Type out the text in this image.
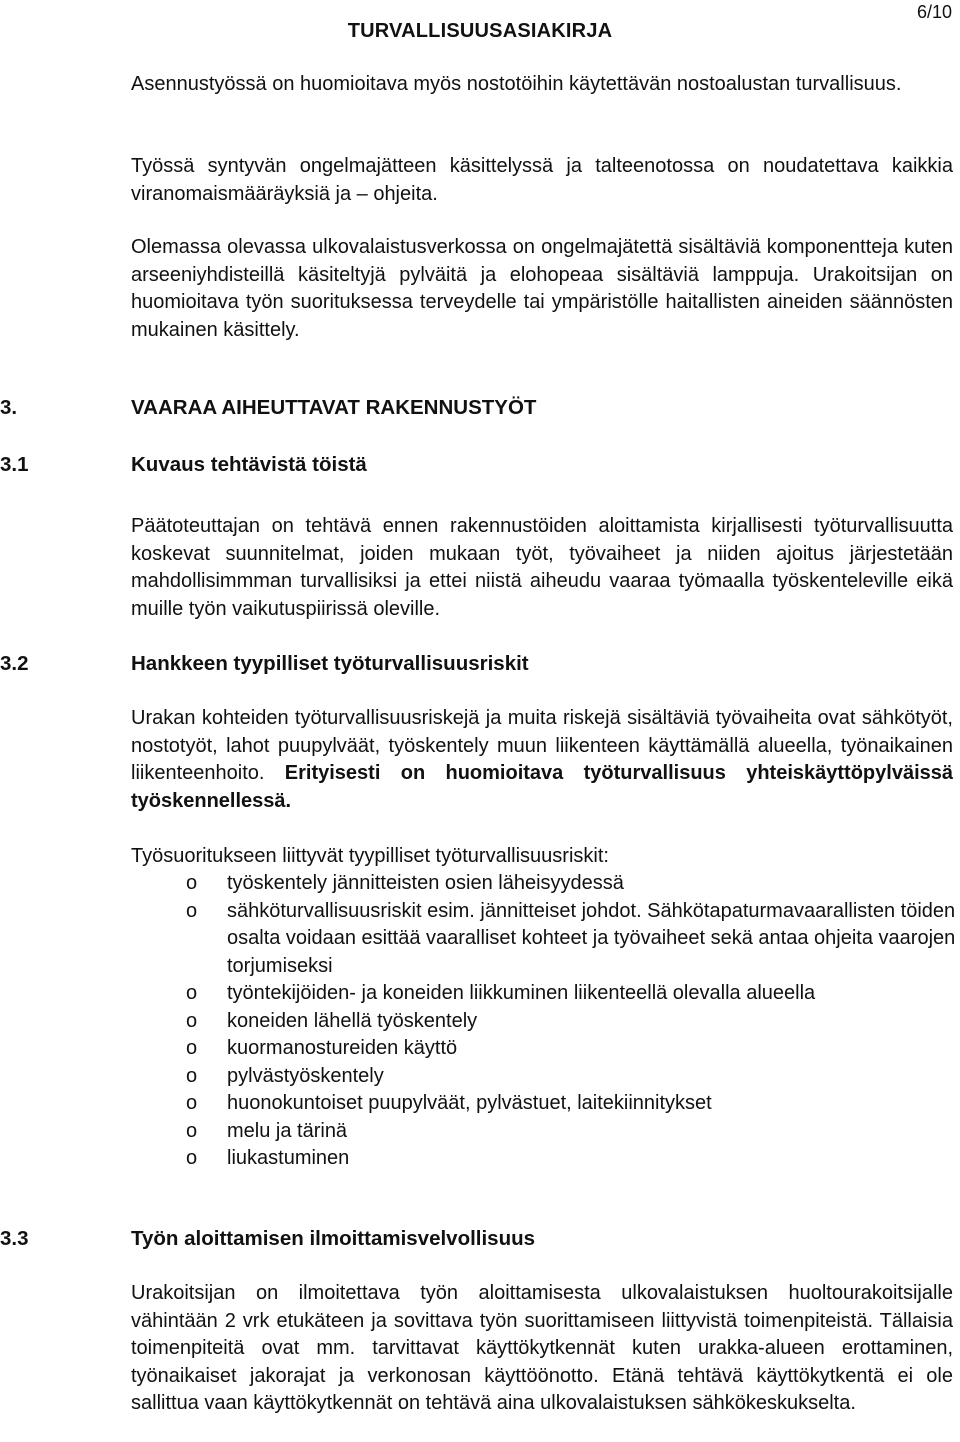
TURVALLISUUSASIAKIRJA
6/10
Asennustyössä on huomioitava myös nostotöihin käytettävän nostoalustan turvallisuus.
Työssä syntyvän ongelmajätteen käsittelyssä ja talteenotossa on noudatettava kaikkia viranomaismääräyksiä ja – ohjeita.
Olemassa olevassa ulkovalaistusverkossa on ongelmajätettä sisältäviä komponentteja kuten arseeniyhdisteillä käsiteltyjä pylväitä ja elohopeaa sisältäviä lamppuja. Urakoitsijan on huomioitava työn suorituksessa terveydelle tai ympäristölle haitallisten aineiden säännösten mukainen käsittely.
3.	VAARAA AIHEUTTAVAT RAKENNUSTYÖT
3.1	Kuvaus tehtävistä töistä
Päätoteuttajan on tehtävä ennen rakennustöiden aloittamista kirjallisesti työturvallisuutta koskevat suunnitelmat, joiden mukaan työt, työvaiheet ja niiden ajoitus järjestetään mahdollisimmman turvallisiksi ja ettei niistä aiheudu vaaraa työmaalla työskenteleville eikä muille työn vaikutuspiirissä oleville.
3.2	Hankkeen tyypilliset työturvallisuusriskit
Urakan kohteiden työturvallisuusriskejä ja muita riskejä sisältäviä työvaiheita ovat sähkötyöt, nostotyöt, lahot puupylväät, työskentely muun liikenteen käyttämällä alueella, työnaikainen liikenteenhoito. Erityisesti on huomioitava työturvallisuus yhteiskäyttöpylväissä työskennellessä.
Työsuoritukseen liittyvät tyypilliset työturvallisuusriskit:
o työskentely jännitteisten osien läheisyydessä
o sähköturvallisuusriskit esim. jännitteiset johdot. Sähkötapaturmavaarallisten töiden osalta voidaan esittää vaaralliset kohteet ja työvaiheet sekä antaa ohjeita vaarojen torjumiseksi
o työntekijöiden- ja koneiden liikkuminen liikenteellä olevalla alueella
o koneiden lähellä työskentely
o kuormanostureiden käyttö
o pylvästyöskentely
o huonokuntoiset puupylväät, pylvästuet, laitekiinnitykset
o melu ja tärinä
o liukastuminen
3.3	Työn aloittamisen ilmoittamisvelvollisuus
Urakoitsijan on ilmoitettava työn aloittamisesta ulkovalaistuksen huoltourakoitsijalle vähintään 2 vrk etukäteen ja sovittava työn suorittamiseen liittyvistä toimenpiteistä. Tällaisia toimenpiteitä ovat mm. tarvittavat käyttökytkennät kuten urakka-alueen erottaminen, työnaikaiset jakorajat ja verkonosan käyttöönotto. Etänä tehtävä käyttökytkentä ei ole sallittua vaan käyttökytkennät on tehtävä aina ulkovalaistuksen sähkökeskukselta.
